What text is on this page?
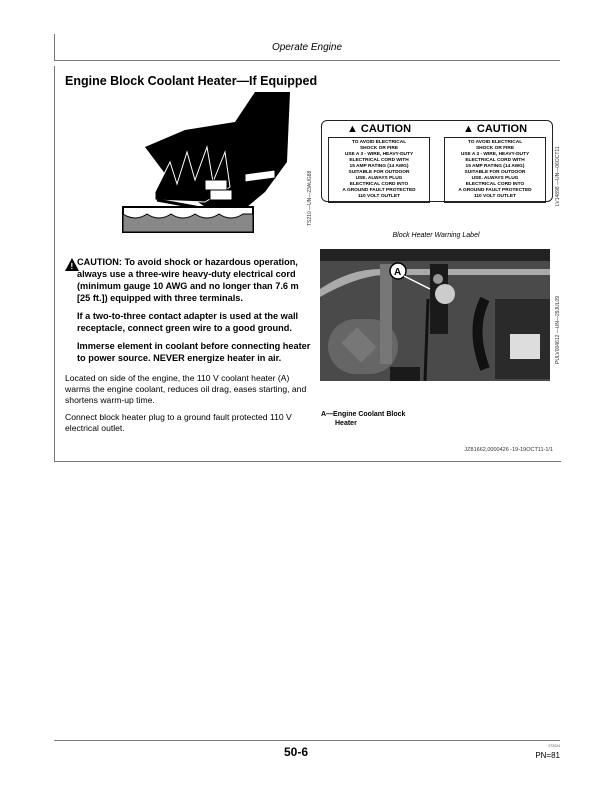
Operate Engine
Engine Block Coolant Heater—If Equipped
TS210 —UN—23AUG88
▲ CAUTION
TO AVOID ELECTRICAL
SHOCK OR FIRE
USE A 3 - WIRE, HEAVY-DUTY
ELECTRICAL CORD WITH
15 AMP RATING (14 AWG)
SUITABLE FOR OUTDOOR
USE. ALWAYS PLUG
ELECTRICAL CORD INTO
A GROUND FAULT PROTECTED
110 VOLT OUTLET
▲ CAUTION
TO AVOID ELECTRICAL
SHOCK OR FIRE
USE A 3 - WIRE, HEAVY-DUTY
ELECTRICAL CORD WITH
15 AMP RATING (14 AWG)
SUITABLE FOR OUTDOOR
USE. ALWAYS PLUG
ELECTRICAL CORD INTO
A GROUND FAULT PROTECTED
110 VOLT OUTLET	LV14898 —UN—06OCT11
Block Heater Warning Label
! CAUTION: To avoid shock or hazardous operation, always use a three-wire heavy-duty electrical cord (minimum gauge 10 AWG and no longer than 7.6 m [25 ft.]) equipped with three terminals.

If a two-to-three contact adapter is used at the wall receptacle, connect green wire to a good ground.

Immerse element in coolant before connecting heater to power source. NEVER energize heater in air.

Located on side of the engine, the 110 V coolant heater (A) warms the engine coolant, reduces oil drag, eases starting, and shortens warm-up time.

Connect block heater plug to a ground fault protected 110 V electrical outlet.

A
PULV004612 —UN—29JUL09
A—Engine Coolant Block
Heater
JZ81662,0000426 -19-19OCT11-1/1
50-6	072024
PN=81
